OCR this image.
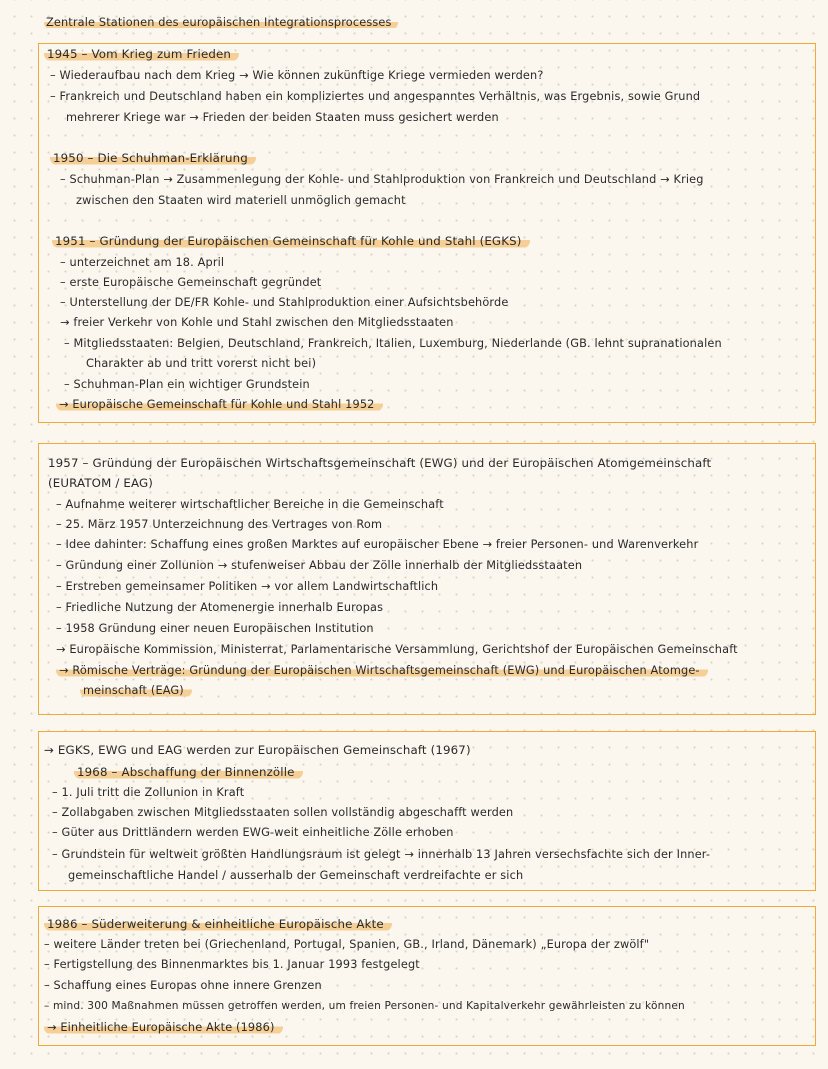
Zentrale Stationen des europäischen Integrationsprocesses
1945 – Vom Krieg zum Frieden
– Wiederaufbau nach dem Krieg → Wie können zukünftige Kriege vermieden werden?
– Frankreich und Deutschland haben ein kompliziertes und angespanntes Verhältnis, was Ergebnis, sowie Grund
mehrerer Kriege war → Frieden der beiden Staaten muss gesichert werden
1950 – Die Schuhman-Erklärung
– Schuhman-Plan → Zusammenlegung der Kohle- und Stahlproduktion von Frankreich und Deutschland → Krieg
zwischen den Staaten wird materiell unmöglich gemacht
1951 – Gründung der Europäischen Gemeinschaft für Kohle und Stahl (EGKS)
– unterzeichnet am 18. April
– erste Europäische Gemeinschaft gegründet
– Unterstellung der DE/FR Kohle- und Stahlproduktion einer Aufsichtsbehörde
→ freier Verkehr von Kohle und Stahl zwischen den Mitgliedsstaaten
– Mitgliedsstaaten: Belgien, Deutschland, Frankreich, Italien, Luxemburg, Niederlande (GB. lehnt supranationalen
Charakter ab und tritt vorerst nicht bei)
– Schuhman-Plan ein wichtiger Grundstein
→ Europäische Gemeinschaft für Kohle und Stahl 1952
1957 – Gründung der Europäischen Wirtschaftsgemeinschaft (EWG) und der Europäischen Atomgemeinschaft
(EURATOM / EAG)
– Aufnahme weiterer wirtschaftlicher Bereiche in die Gemeinschaft
– 25. März 1957 Unterzeichnung des Vertrages von Rom
– Idee dahinter: Schaffung eines großen Marktes auf europäischer Ebene → freier Personen- und Warenverkehr
– Gründung einer Zollunion → stufenweiser Abbau der Zölle innerhalb der Mitgliedsstaaten
– Erstreben gemeinsamer Politiken → vor allem Landwirtschaftlich
– Friedliche Nutzung der Atomenergie innerhalb Europas
– 1958 Gründung einer neuen Europäischen Institution
→ Europäische Kommission, Ministerrat, Parlamentarische Versammlung, Gerichtshof der Europäischen Gemeinschaft
→ Römische Verträge: Gründung der Europäischen Wirtschaftsgemeinschaft (EWG) und Europäischen Atomge-
meinschaft (EAG)
→ EGKS, EWG und EAG werden zur Europäischen Gemeinschaft (1967)
1968 – Abschaffung der Binnenzölle
– 1. Juli tritt die Zollunion in Kraft
– Zollabgaben zwischen Mitgliedsstaaten sollen vollständig abgeschafft werden
– Güter aus Drittländern werden EWG-weit einheitliche Zölle erhoben
– Grundstein für weltweit größten Handlungsraum ist gelegt → innerhalb 13 Jahren versechsfachte sich der Inner-
gemeinschaftliche Handel / ausserhalb der Gemeinschaft verdreifachte er sich
1986 – Süderweiterung & einheitliche Europäische Akte
– weitere Länder treten bei (Griechenland, Portugal, Spanien, GB., Irland, Dänemark) „Europa der zwölf"
– Fertigstellung des Binnenmarktes bis 1. Januar 1993 festgelegt
– Schaffung eines Europas ohne innere Grenzen
– mind. 300 Maßnahmen müssen getroffen werden, um freien Personen- und Kapitalverkehr gewährleisten zu können
→ Einheitliche Europäische Akte (1986)
